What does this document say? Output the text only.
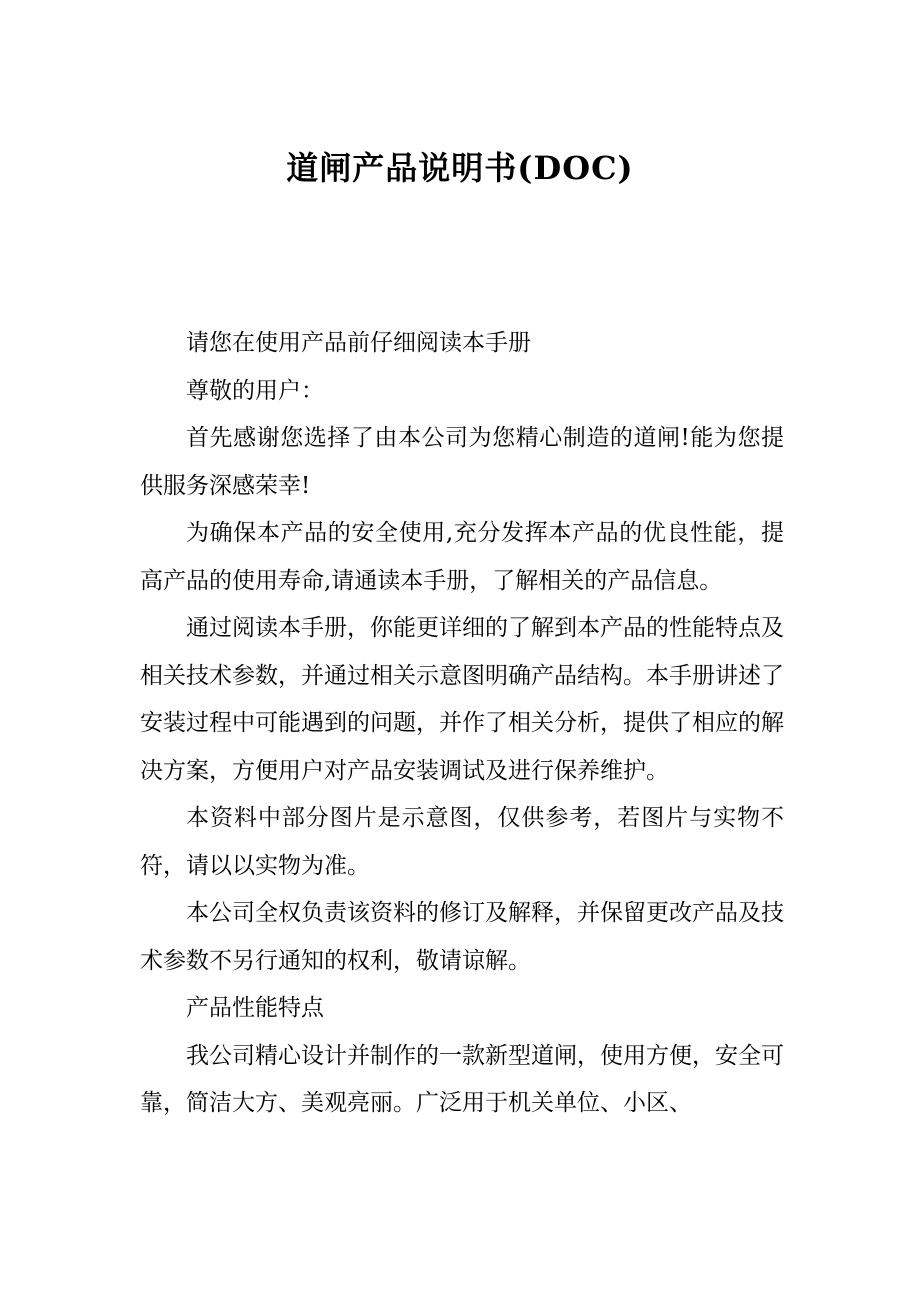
道闸产品说明书(DOC)

请您在使用产品前仔细阅读本手册

尊敬的用户：

首先感谢您选择了由本公司为您精心制造的道闸!能为您提供服务深感荣幸!

为确保本产品的安全使用,充分发挥本产品的优良性能，提高产品的使用寿命,请通读本手册，了解相关的产品信息。

通过阅读本手册，你能更详细的了解到本产品的性能特点及相关技术参数，并通过相关示意图明确产品结构。本手册讲述了安装过程中可能遇到的问题，并作了相关分析，提供了相应的解决方案，方便用户对产品安装调试及进行保养维护。

本资料中部分图片是示意图，仅供参考，若图片与实物不符，请以以实物为准。

本公司全权负责该资料的修订及解释，并保留更改产品及技术参数不另行通知的权利，敬请谅解。

产品性能特点

我公司精心设计并制作的一款新型道闸，使用方便，安全可靠，简洁大方、美观亮丽。广泛用于机关单位、小区、
